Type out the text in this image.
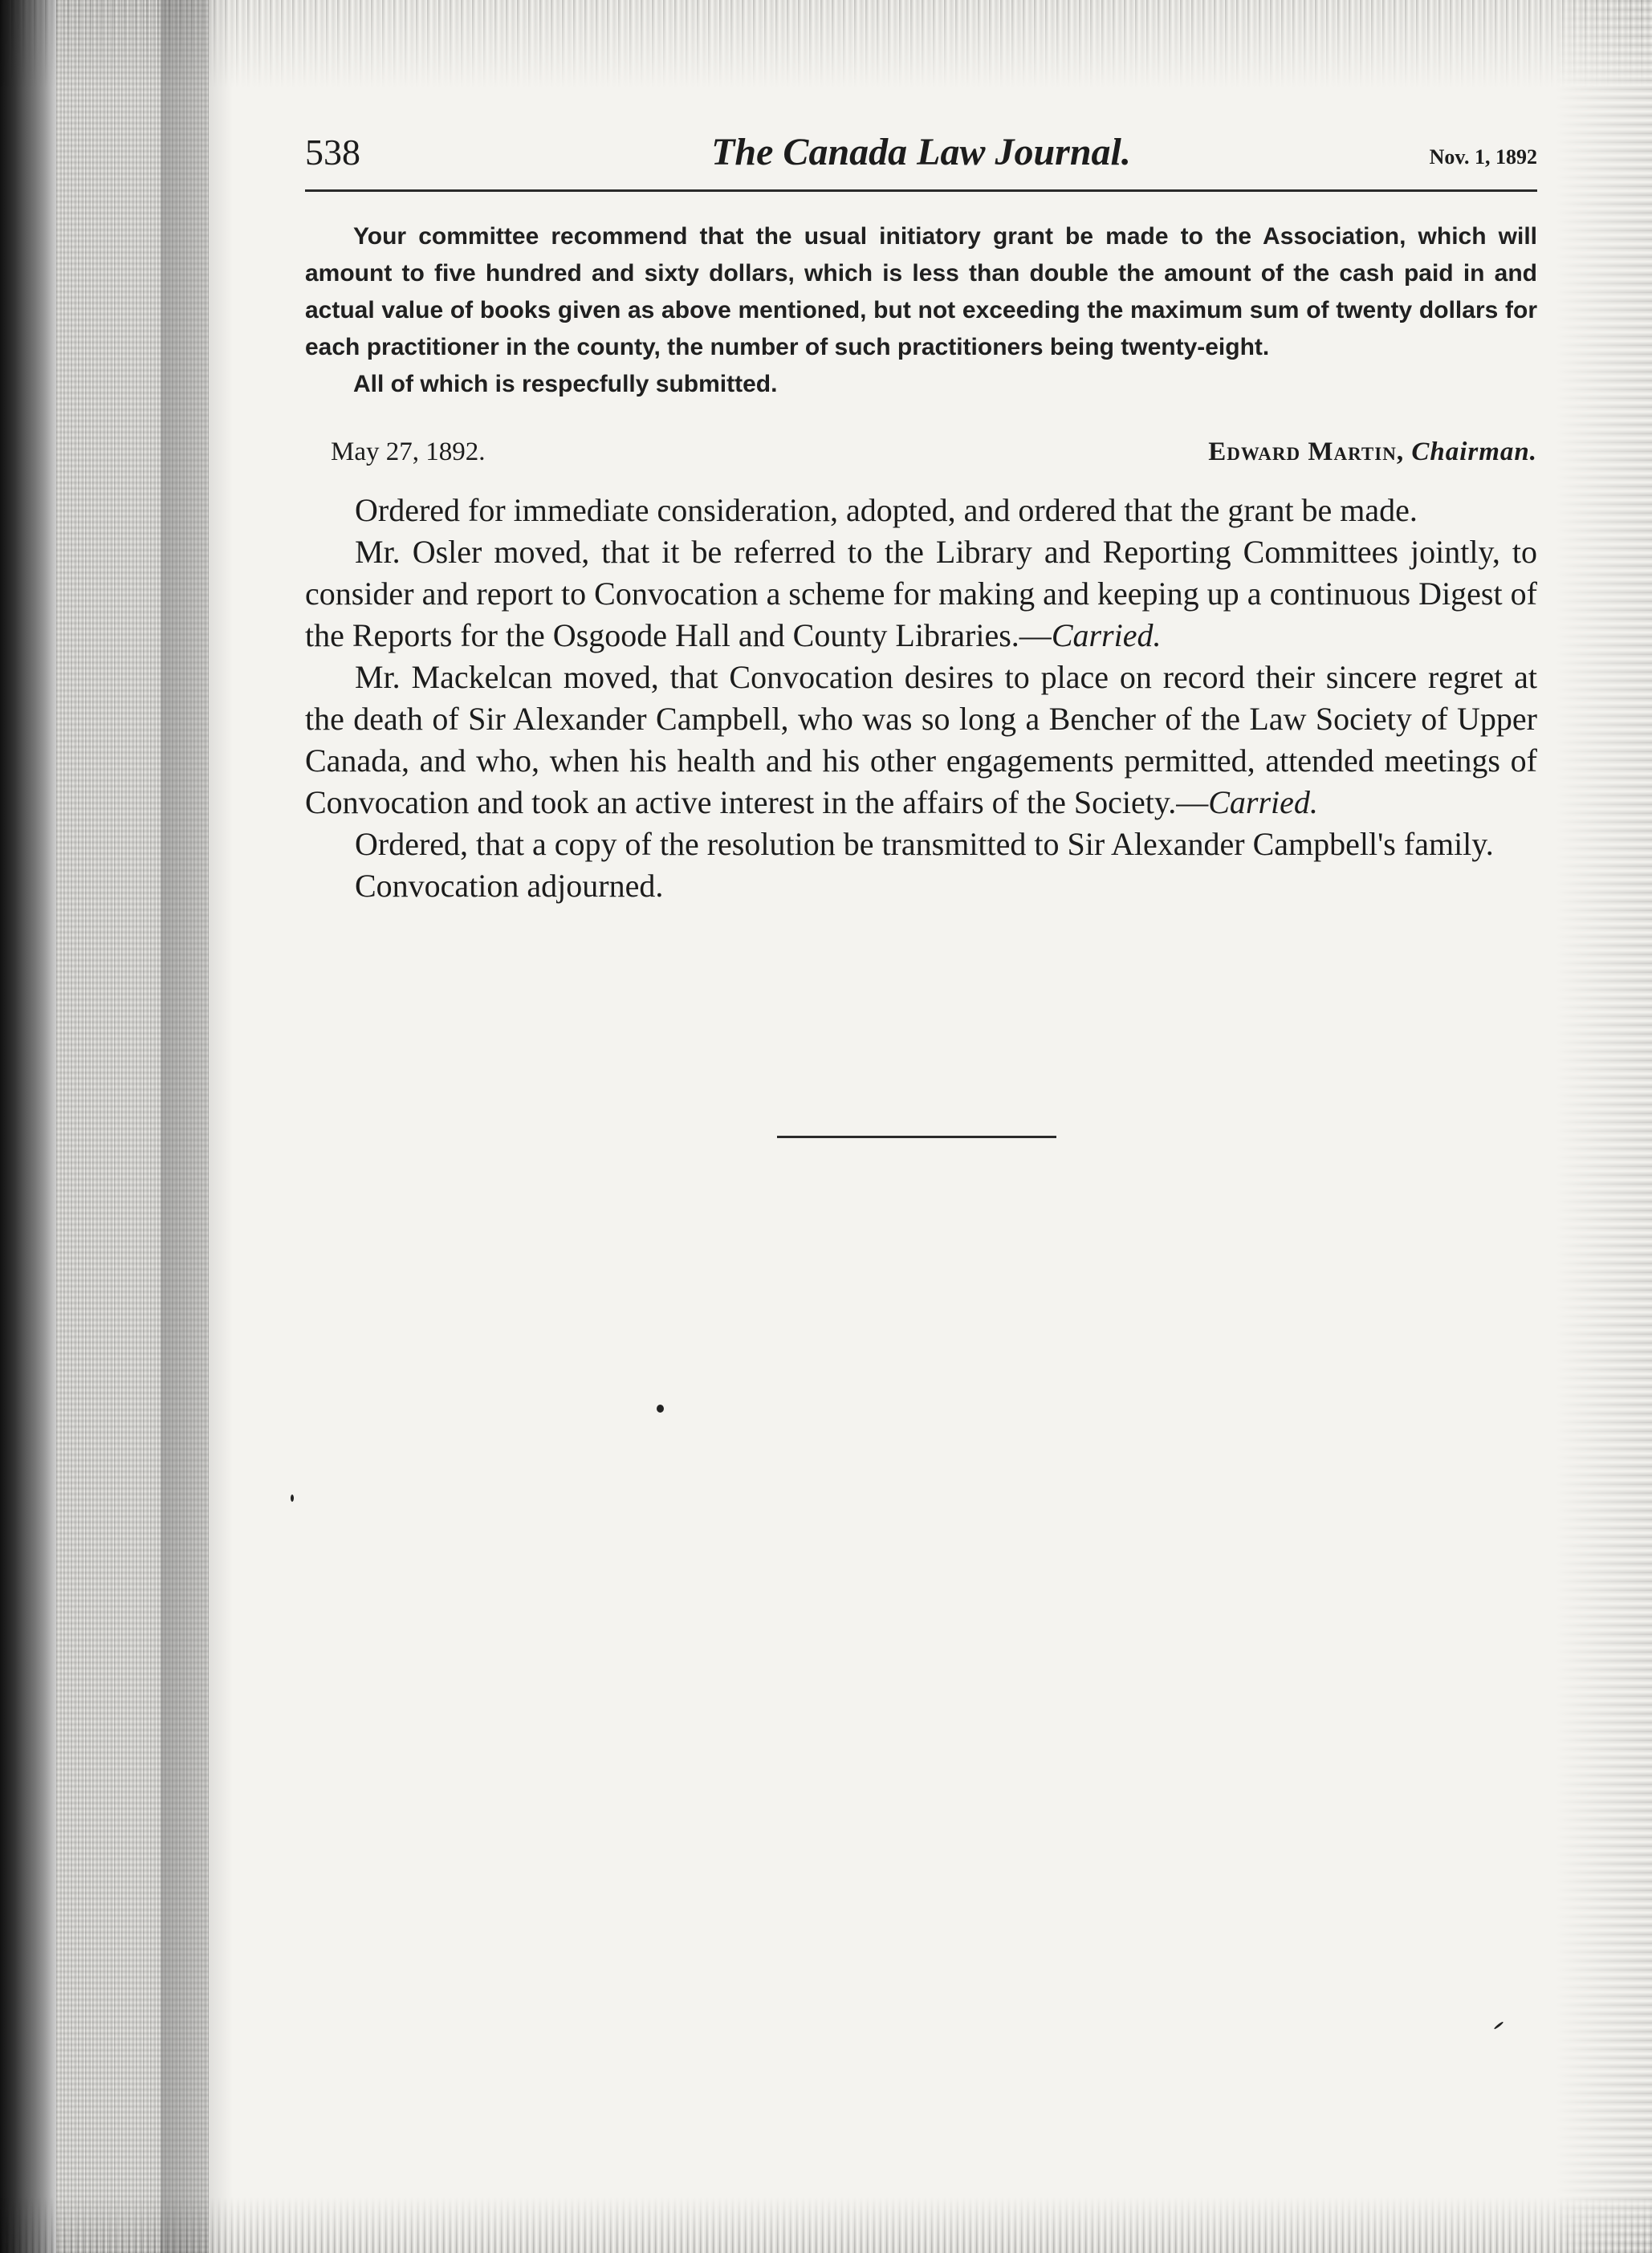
538	The Canada Law Journal.	Nov. 1, 1892

Your committee recommend that the usual initiatory grant be made to the Association, which will amount to five hundred and sixty dollars, which is less than double the amount of the cash paid in and actual value of books given as above mentioned, but not exceeding the maximum sum of twenty dollars for each practitioner in the county, the number of such practitioners being twenty-eight.

All of which is respecfully submitted.

May 27, 1892.	Edward Martin, Chairman.

Ordered for immediate consideration, adopted, and ordered that the grant be made.

Mr. Osler moved, that it be referred to the Library and Reporting Committees jointly, to consider and report to Convocation a scheme for making and keeping up a continuous Digest of the Reports for the Osgoode Hall and County Libraries.—Carried.

Mr. Mackelcan moved, that Convocation desires to place on record their sincere regret at the death of Sir Alexander Campbell, who was so long a Bencher of the Law Society of Upper Canada, and who, when his health and his other engagements permitted, attended meetings of Convocation and took an active interest in the affairs of the Society.—Carried.

Ordered, that a copy of the resolution be transmitted to Sir Alexander Campbell's family.

Convocation adjourned.
